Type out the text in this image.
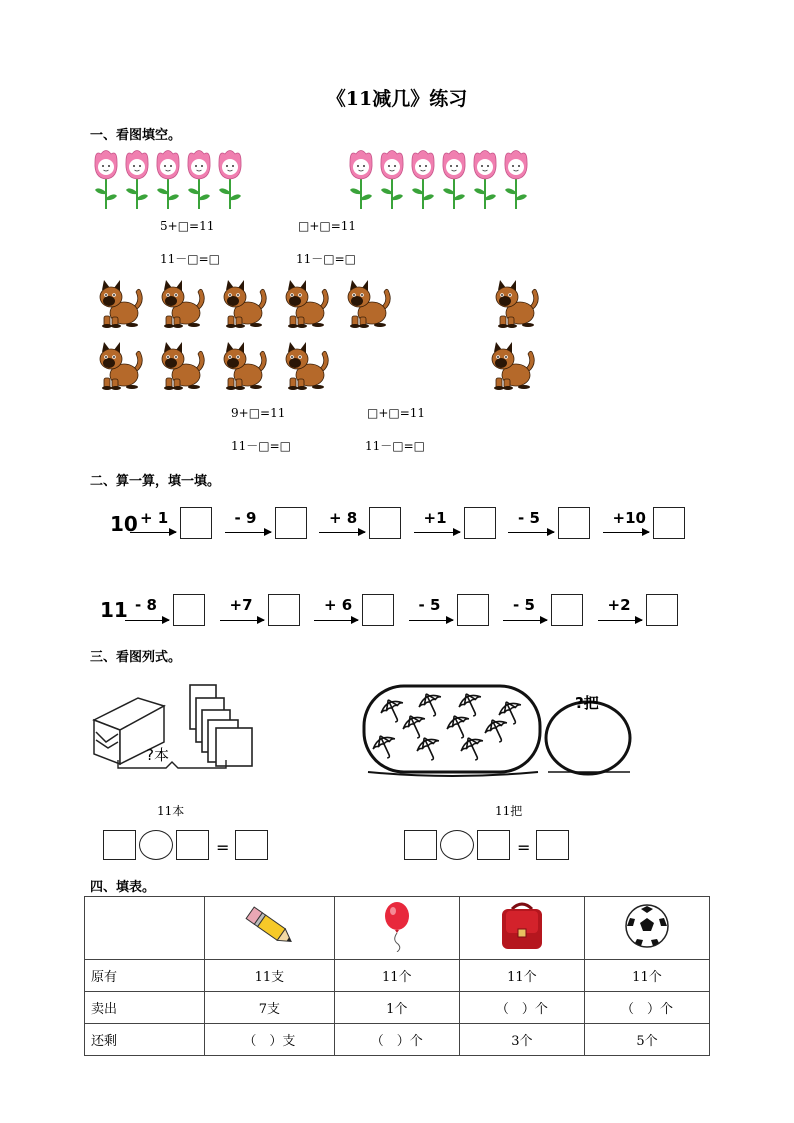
《11减几》练习
一、看图填空。
5+□=11
11－□=□
□+□=11
11－□=□
9+□=11
11－□=□
□+□=11
11－□=□
二、算一算，填一填。
10 + 1	- 9	+ 8	+1	- 5	+10
11 - 8	+7	+ 6	- 5	- 5	+2
三、看图列式。
?本
?把
11本	11把
=	=
四、填表。

原有	11支	11个	11个	11个
卖出	7支	1个	（　）个	（　）个
还剩	（　）支	（　）个	3个	5个
